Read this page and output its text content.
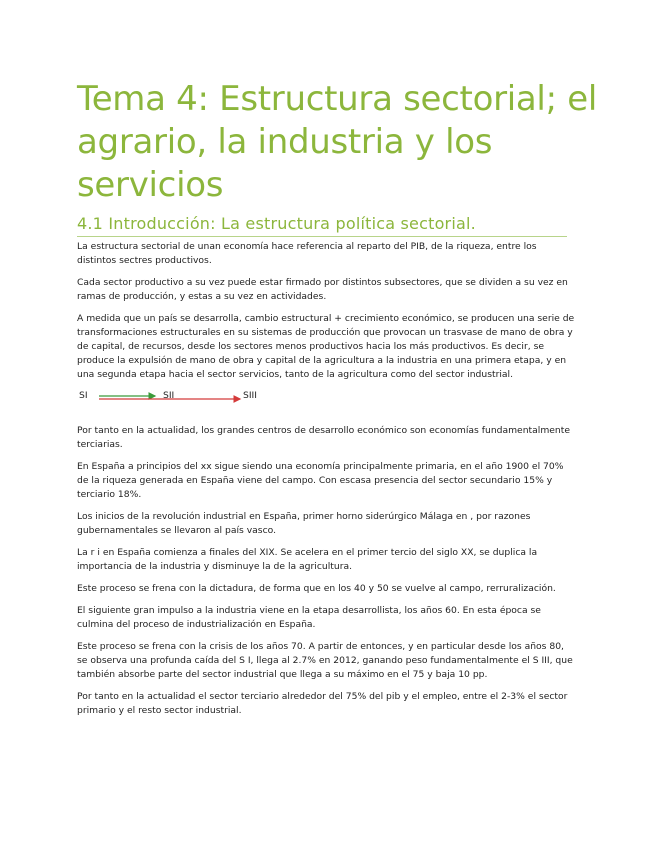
Tema 4: Estructura sectorial; el agrario, la industria y los servicios
4.1 Introducción: La estructura política sectorial.

La estructura sectorial de unan economía hace referencia al reparto del PIB, de la riqueza, entre los distintos sectres productivos.

Cada sector productivo a su vez puede estar firmado por distintos subsectores, que se dividen a su vez en ramas de producción, y estas a su vez en actividades.

A medida que un país se desarrolla, cambio estructural + crecimiento económico, se producen una serie de transformaciones estructurales en su sistemas de producción que provocan un trasvase de mano de obra y de capital, de recursos, desde los sectores menos productivos hacia los más productivos. Es decir, se produce la expulsión de mano de obra y capital de la agricultura a la industria en una primera etapa, y en una segunda etapa hacia el sector servicios, tanto de la agricultura como del sector industrial.

SI	SII	SIII

Por tanto en la actualidad, los grandes centros de desarrollo económico son economías fundamentalmente terciarias.

En España a principios del xx sigue siendo una economía principalmente primaria, en el año 1900 el 70% de la riqueza generada en España viene del campo. Con escasa presencia del sector secundario 15% y terciario 18%.

Los inicios de la revolución industrial en España, primer horno siderúrgico Málaga en , por razones gubernamentales se llevaron al país vasco.

La r i en España comienza a finales del XIX. Se acelera en el primer tercio del siglo XX, se duplica la importancia de la industria y disminuye la de la agricultura.

Este proceso se frena con la dictadura, de forma que en los 40 y 50 se vuelve al campo, rerruralización.

El siguiente gran impulso a la industria viene en la etapa desarrollista, los años 60. En esta época se culmina del proceso de industrialización en España.

Este proceso se frena con la crisis de los años 70. A partir de entonces, y en particular desde los años 80, se observa una profunda caída del S I, llega al 2.7% en 2012, ganando peso fundamentalmente el S III, que también absorbe parte del sector industrial que llega a su máximo en el 75 y baja 10 pp.

Por tanto en la actualidad el sector terciario alrededor del 75% del pib y el empleo, entre el 2-3% el sector primario y el resto sector industrial.
